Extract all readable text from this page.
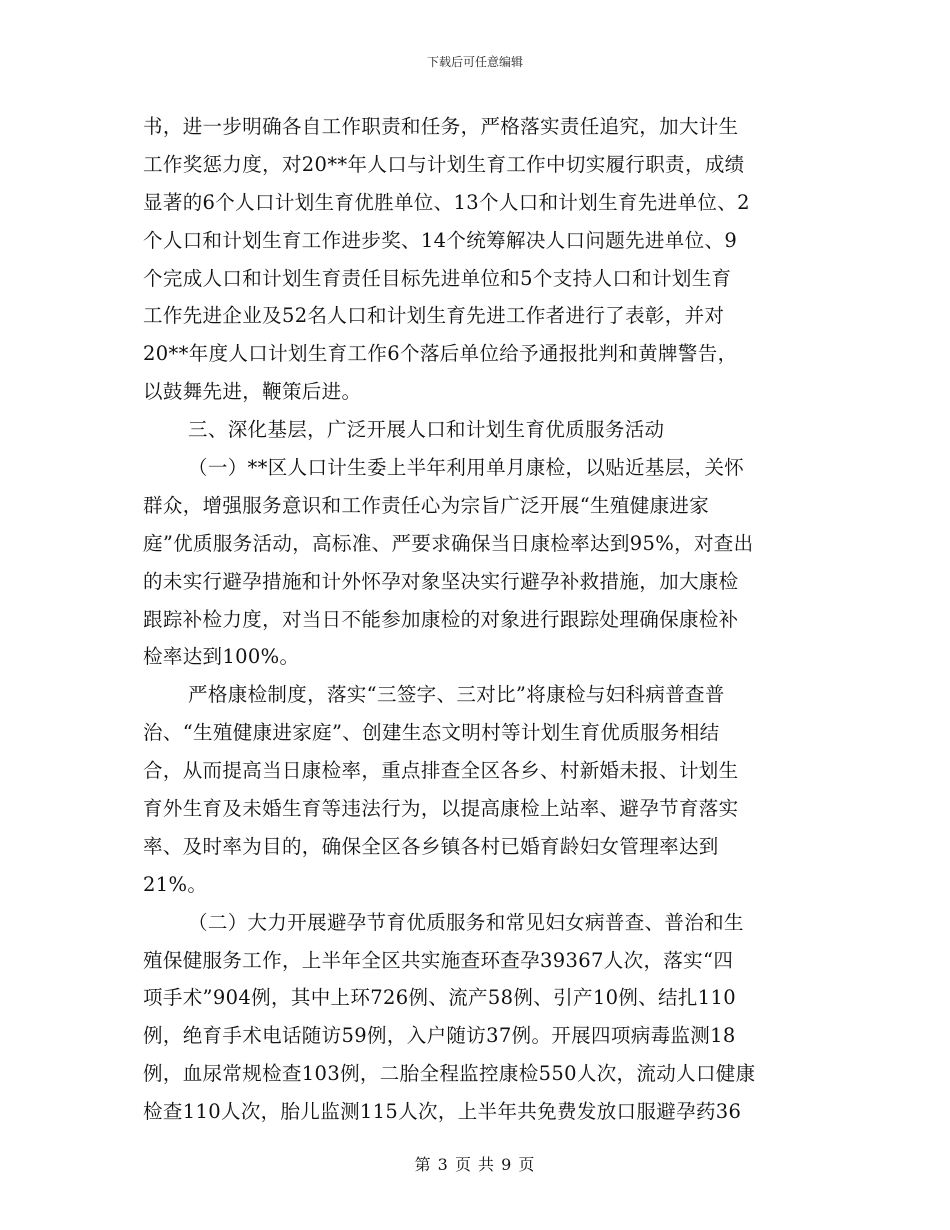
下载后可任意编辑
书，进一步明确各自工作职责和任务，严格落实责任追究，加大计生
工作奖惩力度，对20**年人口与计划生育工作中切实履行职责，成绩
显著的6个人口计划生育优胜单位、13个人口和计划生育先进单位、2
个人口和计划生育工作进步奖、14个统筹解决人口问题先进单位、9
个完成人口和计划生育责任目标先进单位和5个支持人口和计划生育
工作先进企业及52名人口和计划生育先进工作者进行了表彰，并对
20**年度人口计划生育工作6个落后单位给予通报批判和黄牌警告，
以鼓舞先进，鞭策后进。
三、深化基层，广泛开展人口和计划生育优质服务活动
（一）**区人口计生委上半年利用单月康检，以贴近基层，关怀
群众，增强服务意识和工作责任心为宗旨广泛开展“生殖健康进家
庭”优质服务活动，高标准、严要求确保当日康检率达到95%，对查出
的未实行避孕措施和计外怀孕对象坚决实行避孕补救措施，加大康检
跟踪补检力度，对当日不能参加康检的对象进行跟踪处理确保康检补
检率达到100%。
严格康检制度，落实“三签字、三对比”将康检与妇科病普查普
治、“生殖健康进家庭”、创建生态文明村等计划生育优质服务相结
合，从而提高当日康检率，重点排查全区各乡、村新婚未报、计划生
育外生育及未婚生育等违法行为，以提高康检上站率、避孕节育落实
率、及时率为目的，确保全区各乡镇各村已婚育龄妇女管理率达到
21%。
（二）大力开展避孕节育优质服务和常见妇女病普查、普治和生
殖保健服务工作，上半年全区共实施查环查孕39367人次，落实“四
项手术”904例，其中上环726例、流产58例、引产10例、结扎110
例，绝育手术电话随访59例，入户随访37例。开展四项病毒监测18
例，血尿常规检查103例，二胎全程监控康检550人次，流动人口健康
检查110人次，胎儿监测115人次，上半年共免费发放口服避孕药36
第 3 页 共 9 页
